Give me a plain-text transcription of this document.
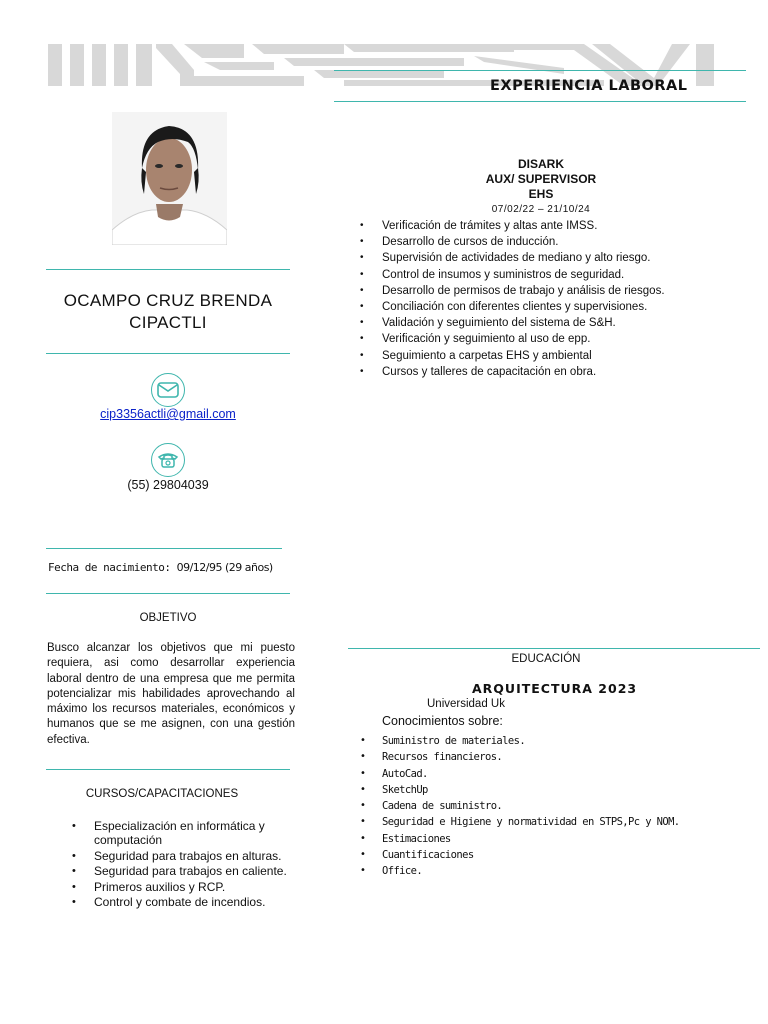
OCAMPO CRUZ BRENDA CIPACTLI
cip3356actli@gmail.com
(55) 29804039
Fecha de nacimiento: 09/12/95 (29 años)
OBJETIVO
Busco alcanzar los objetivos que mi puesto requiera, asi como desarrollar experiencia laboral dentro de una empresa que me permita potencializar mis habilidades aprovechando al máximo los recursos materiales, económicos y humanos que se me asignen, con una gestión efectiva.
CURSOS/CAPACITACIONES
• Especialización en informática y computación
• Seguridad para trabajos en alturas.
• Seguridad para trabajos en caliente.
• Primeros auxilios y RCP.
• Control y combate de incendios.
EXPERIENCIA LABORAL
DISARK
AUX/ SUPERVISOR
EHS
07/02/22 – 21/10/24
• Verificación de trámites y altas ante IMSS.
• Desarrollo de cursos de inducción.
• Supervisión de actividades de mediano y alto riesgo.
• Control de insumos y suministros de seguridad.
• Desarrollo de permisos de trabajo y análisis de riesgos.
• Conciliación con diferentes clientes y supervisiones.
• Validación y seguimiento del sistema de S&H.
• Verificación y seguimiento al uso de epp.
• Seguimiento a carpetas EHS y ambiental
• Cursos y talleres de capacitación en obra.
EDUCACIÓN
ARQUITECTURA 2023
Universidad Uk
Conocimientos sobre:
• Suministro de materiales.
• Recursos financieros.
• AutoCad.
• SketchUp
• Cadena de suministro.
• Seguridad e Higiene y normatividad en STPS,Pc y NOM.
• Estimaciones
• Cuantificaciones
• Office.
